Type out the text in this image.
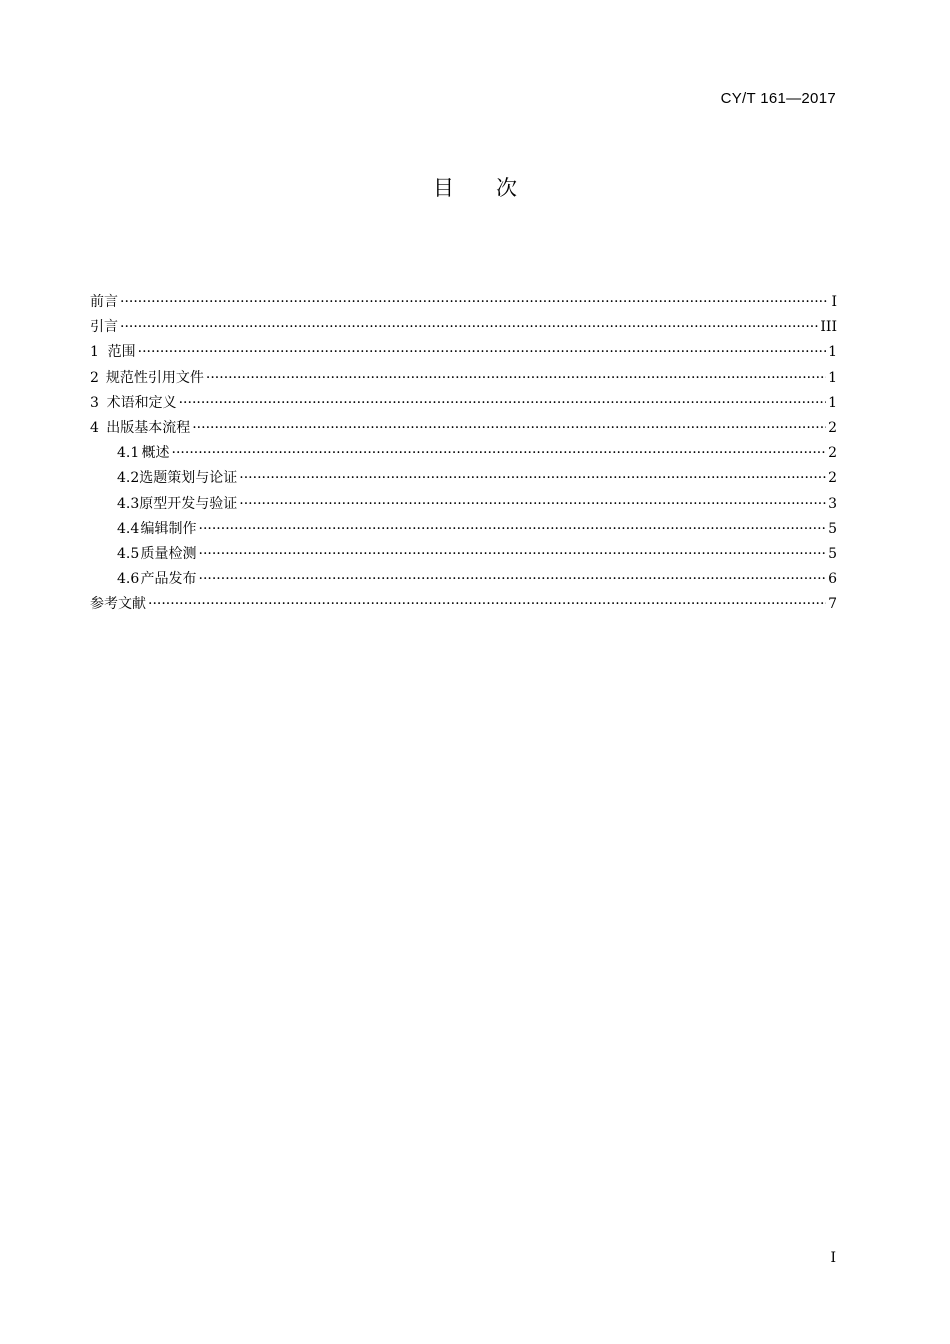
CY/T 161—2017
目　　次
前言 ·····	I
引言 ·····	III
1 范围 ·····	1
2 规范性引用文件 ·····	1
3 术语和定义 ·····	1
4 出版基本流程 ·····	2
4.1 概述 ·····	2
4.2 选题策划与论证 ·····	2
4.3 原型开发与验证 ·····	3
4.4 编辑制作 ·····	5
4.5 质量检测 ·····	5
4.6 产品发布 ·····	6
参考文献 ·····	7
I
